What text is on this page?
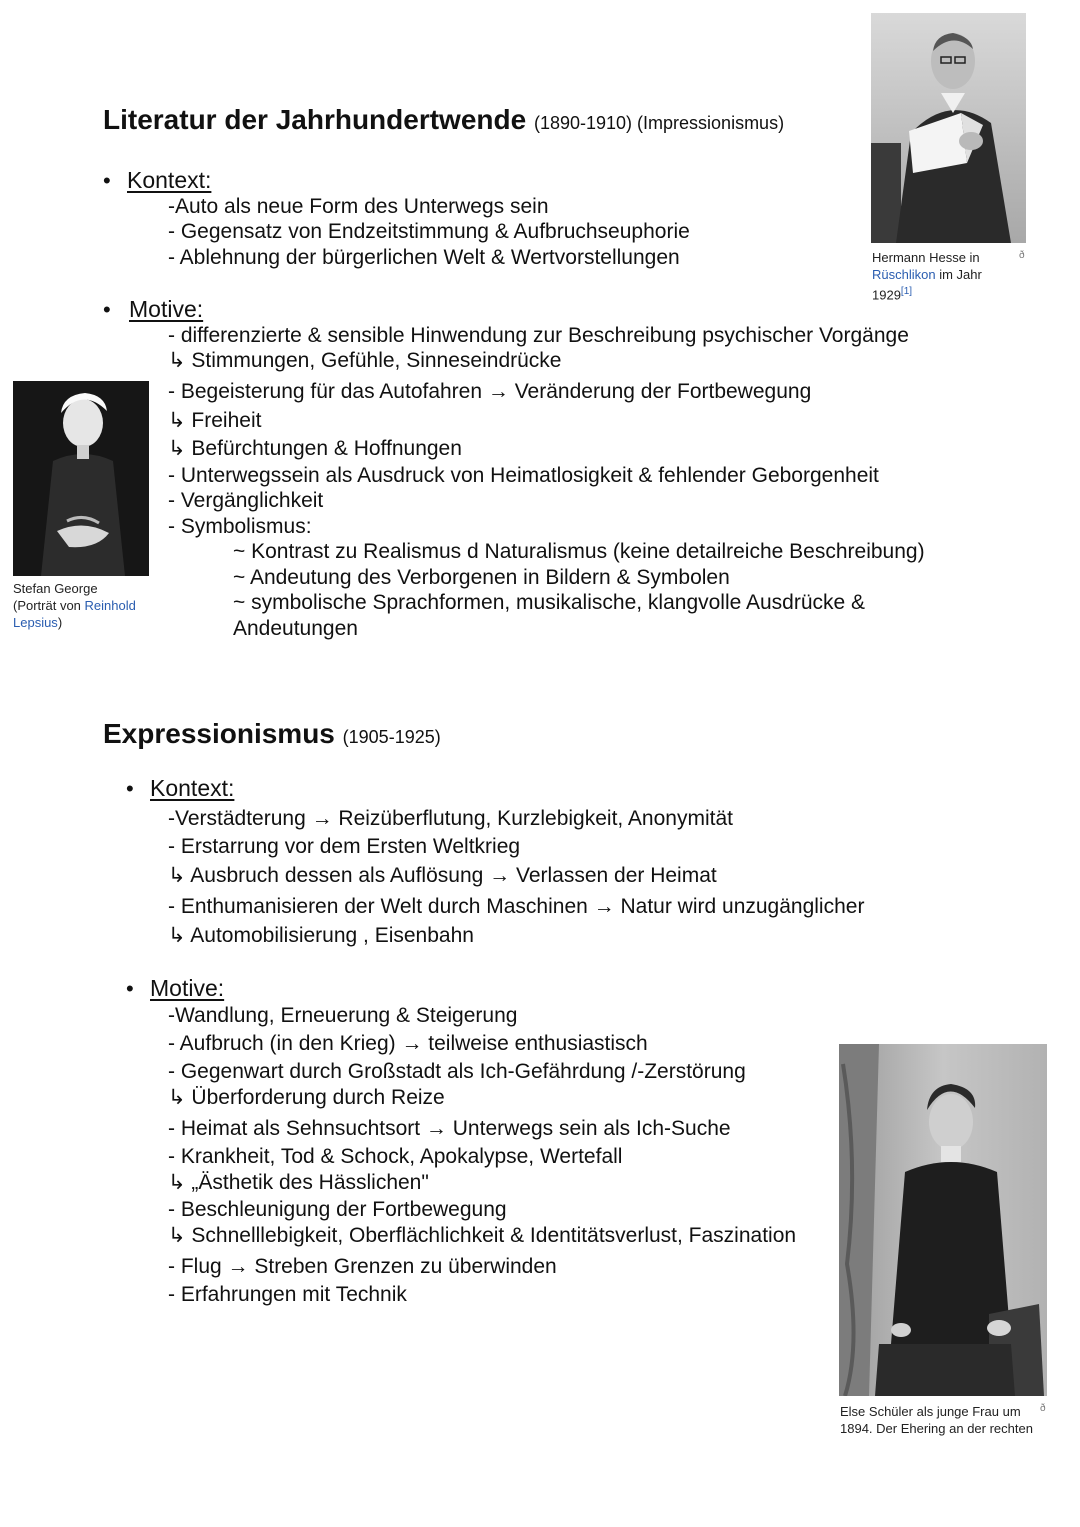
Literatur der Jahrhundertwende (1890-1910) (Impressionismus)
• Kontext:
-Auto als neue Form des Unterwegs sein
- Gegensatz von Endzeitstimmung & Aufbruchseuphorie
- Ablehnung der bürgerlichen Welt & Wertvorstellungen
• Motive:
- differenzierte & sensible Hinwendung zur Beschreibung psychischer Vorgänge
↳ Stimmungen, Gefühle, Sinneseindrücke
- Begeisterung für das Autofahren → Veränderung der Fortbewegung
↳ Freiheit
↳ Befürchtungen & Hoffnungen
- Unterwegssein als Ausdruck von Heimatlosigkeit & fehlender Geborgenheit
- Vergänglichkeit
- Symbolismus:
~ Kontrast zu Realismus d Naturalismus (keine detailreiche Beschreibung)
~ Andeutung des Verborgenen in Bildern & Symbolen
~ symbolische Sprachformen, musikalische, klangvolle Ausdrücke &
Andeutungen
Hermann Hesse in
Rüschlikon im Jahr
1929[1]
ð
Stefan George
(Porträt von Reinhold
Lepsius)
Expressionismus (1905-1925)
• Kontext:
-Verstädterung → Reizüberflutung, Kurzlebigkeit, Anonymität
- Erstarrung vor dem Ersten Weltkrieg
↳ Ausbruch dessen als Auflösung → Verlassen der Heimat
- Enthumanisieren der Welt durch Maschinen → Natur wird unzugänglicher
↳ Automobilisierung , Eisenbahn
• Motive:
-Wandlung, Erneuerung & Steigerung
- Aufbruch (in den Krieg) → teilweise enthusiastisch
- Gegenwart durch Großstadt als Ich-Gefährdung /-Zerstörung
↳ Überforderung durch Reize
- Heimat als Sehnsuchtsort → Unterwegs sein als Ich-Suche
- Krankheit, Tod & Schock, Apokalypse, Wertefall
↳ „Ästhetik des Hässlichen"
- Beschleunigung der Fortbewegung
↳ Schnelllebigkeit, Oberflächlichkeit & Identitätsverlust, Faszination
- Flug → Streben Grenzen zu überwinden
- Erfahrungen mit Technik
Else Schüler als junge Frau um
1894. Der Ehering an der rechten
ð
